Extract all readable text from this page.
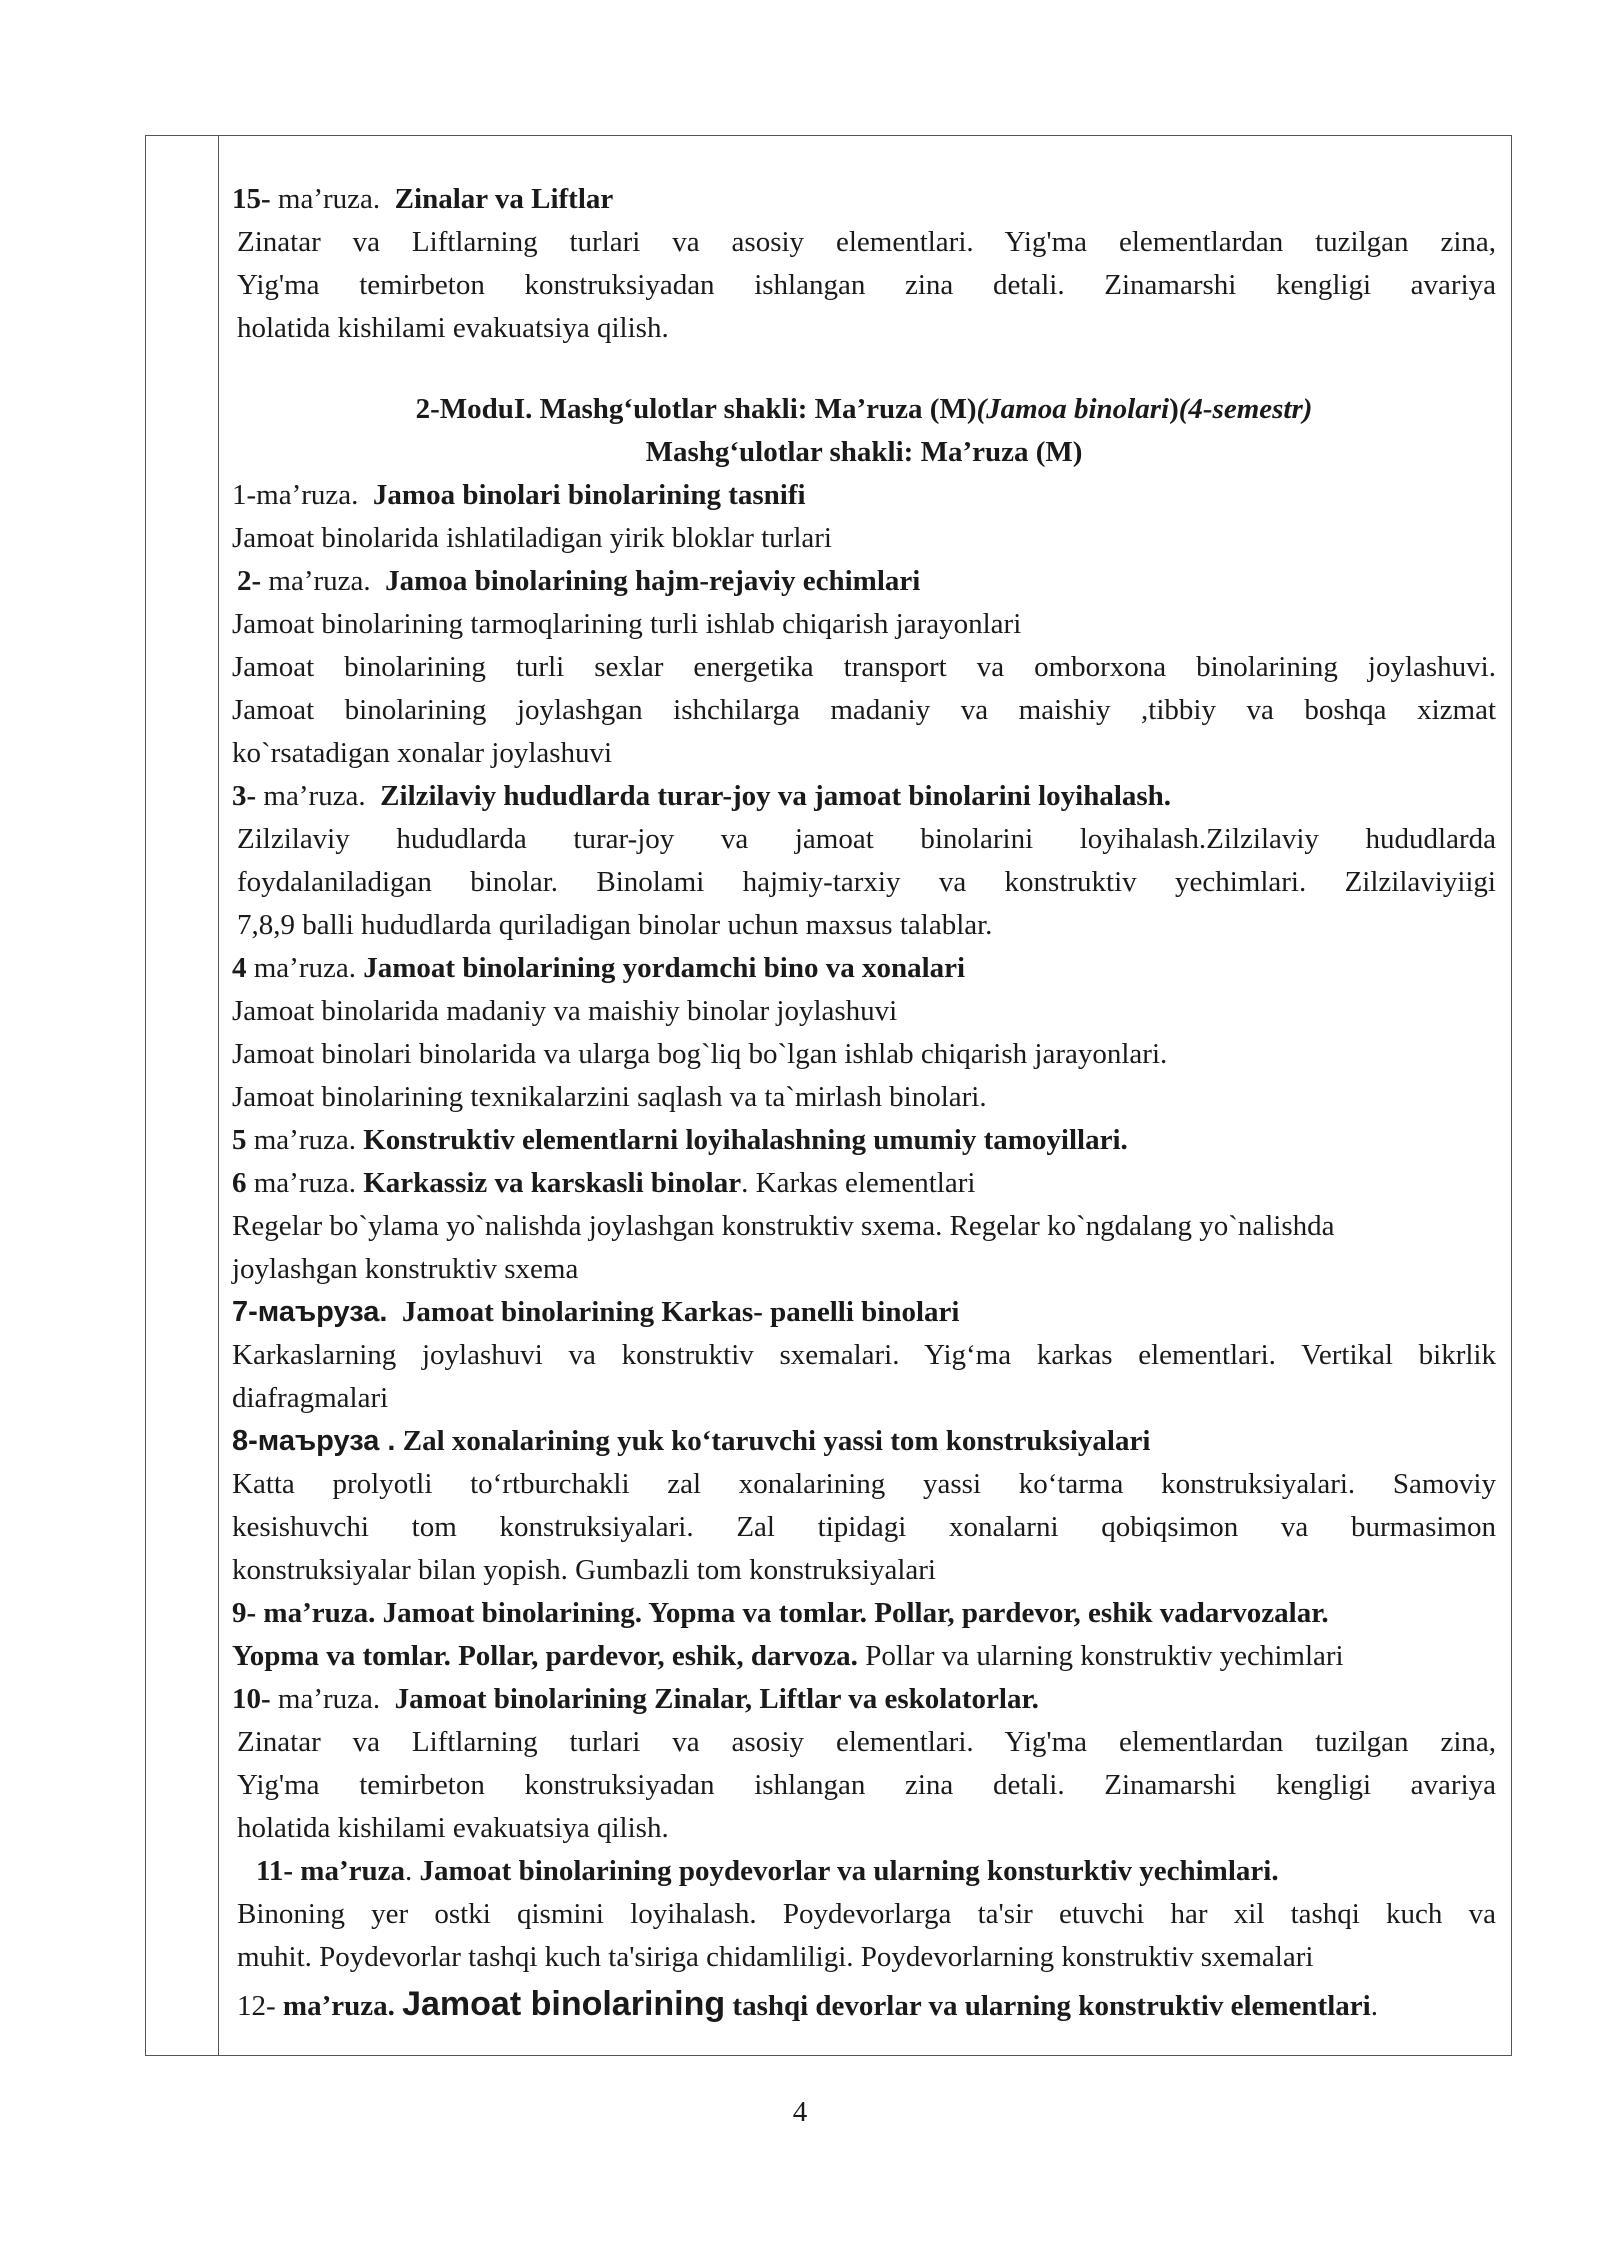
15- ma’ruza. Zinalar va Liftlar

Zinatar va Liftlarning turlari va asosiy elementlari. Yig'ma elementlardan tuzilgan zina,

Yig'ma temirbeton konstruksiyadan ishlangan zina detali. Zinamarshi kengligi avariya

holatida kishilami evakuatsiya qilish.

2-ModuI. Mashg‘ulotlar shakli: Ma’ruza (M)(Jamoa binolari)(4-semestr)

Mashg‘ulotlar shakli: Ma’ruza (M)

1-ma’ruza. Jamoa binolari binolarining tasnifi

Jamoat binolarida ishlatiladigan yirik bloklar turlari

2- ma’ruza. Jamoa binolarining hajm-rejaviy echimlari

Jamoat binolarining tarmoqlarining turli ishlab chiqarish jarayonlari

Jamoat binolarining turli sexlar energetika transport va omborxona binolarining joylashuvi.

Jamoat binolarining joylashgan ishchilarga madaniy va maishiy ,tibbiy va boshqa xizmat

ko`rsatadigan xonalar joylashuvi

3- ma’ruza. Zilzilaviy hududlarda turar-joy va jamoat binolarini loyihalash.

Zilzilaviy hududlarda turar-joy va jamoat binolarini loyihalash.Zilzilaviy hududlarda

foydalaniladigan binolar. Binolami hajmiy-tarxiy va konstruktiv yechimlari. Zilzilaviyiigi

7,8,9 balli hududlarda quriladigan binolar uchun maxsus talablar.

4 ma’ruza. Jamoat binolarining yordamchi bino va xonalari

Jamoat binolarida madaniy va maishiy binolar joylashuvi

Jamoat binolari binolarida va ularga bog`liq bo`lgan ishlab chiqarish jarayonlari.

Jamoat binolarining texnikalarzini saqlash va ta`mirlash binolari.

5 ma’ruza. Konstruktiv elementlarni loyihalashning umumiy tamoyillari.

6 ma’ruza. Karkassiz va karskasli binolar. Karkas elementlari

Regelar bo`ylama yo`nalishda joylashgan konstruktiv sxema. Regelar ko`ngdalang yo`nalishda

joylashgan konstruktiv sxema

7-маъруза. Jamoat binolarining Karkas- panelli binolari

Karkaslarning joylashuvi va konstruktiv sxemalari. Yig‘ma karkas elementlari. Vertikal bikrlik

diafragmalari

8-маъруза . Zal xonalarining yuk ko‘taruvchi yassi tom konstruksiyalari

Katta prolyotli to‘rtburchakli zal xonalarining yassi ko‘tarma konstruksiyalari. Samoviy

kesishuvchi tom konstruksiyalari. Zal tipidagi xonalarni qobiqsimon va burmasimon

konstruksiyalar bilan yopish. Gumbazli tom konstruksiyalari

9- ma’ruza. Jamoat binolarining. Yopma va tomlar. Pollar, pardevor, eshik vadarvozalar.

Yopma va tomlar. Pollar, pardevor, eshik, darvoza. Pollar va ularning konstruktiv yechimlari

10- ma’ruza. Jamoat binolarining Zinalar, Liftlar va eskolatorlar.

Zinatar va Liftlarning turlari va asosiy elementlari. Yig'ma elementlardan tuzilgan zina,

Yig'ma temirbeton konstruksiyadan ishlangan zina detali. Zinamarshi kengligi avariya

holatida kishilami evakuatsiya qilish.

11- ma’ruza. Jamoat binolarining poydevorlar va ularning konsturktiv yechimlari.

Binoning yer ostki qismini loyihalash. Poydevorlarga ta'sir etuvchi har xil tashqi kuch va

muhit. Poydevorlar tashqi kuch ta'siriga chidamliligi. Poydevorlarning konstruktiv sxemalari

12- ma’ruza. Jamoat binolarining tashqi devorlar va ularning konstruktiv elementlari.

4
